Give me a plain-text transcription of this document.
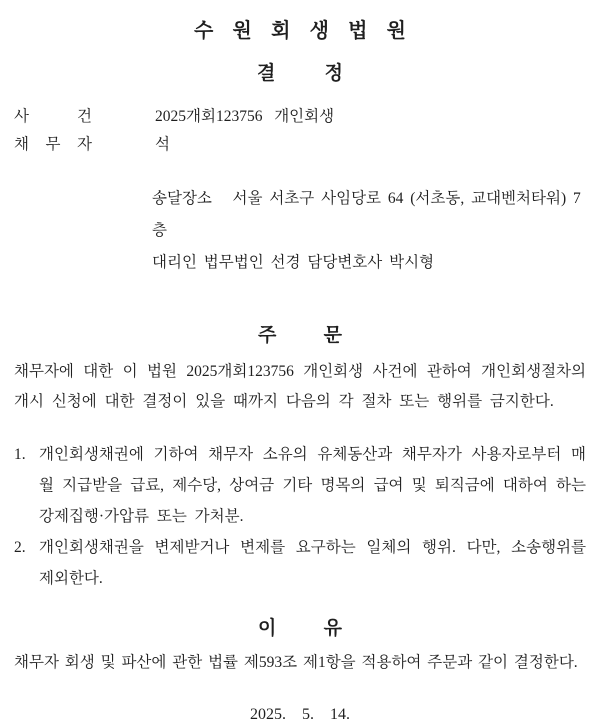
수 원 회 생 법 원
결 정
사 건	2025개회123756  개인회생
채 무 자	석
송달장소   서울 서초구 사임당로 64 (서초동, 교대벤처타워) 7층
대리인 법무법인 선경 담당변호사 박시형
주 문
채무자에 대한 이 법원 2025개회123756 개인회생 사건에 관하여 개인회생절차의 개시 신청에 대한 결정이 있을 때까지 다음의 각 절차 또는 행위를 금지한다.
1. 개인회생채권에 기하여 채무자 소유의 유체동산과 채무자가 사용자로부터 매월 지급받을 급료, 제수당, 상여금 기타 명목의 급여 및 퇴직금에 대하여 하는 강제집행·가압류 또는 가처분.
2. 개인회생채권을 변제받거나 변제를 요구하는 일체의 행위. 다만, 소송행위를 제외한다.
이 유
채무자 회생 및 파산에 관한 법률 제593조 제1항을 적용하여 주문과 같이 결정한다.
2025.  5.  14.
